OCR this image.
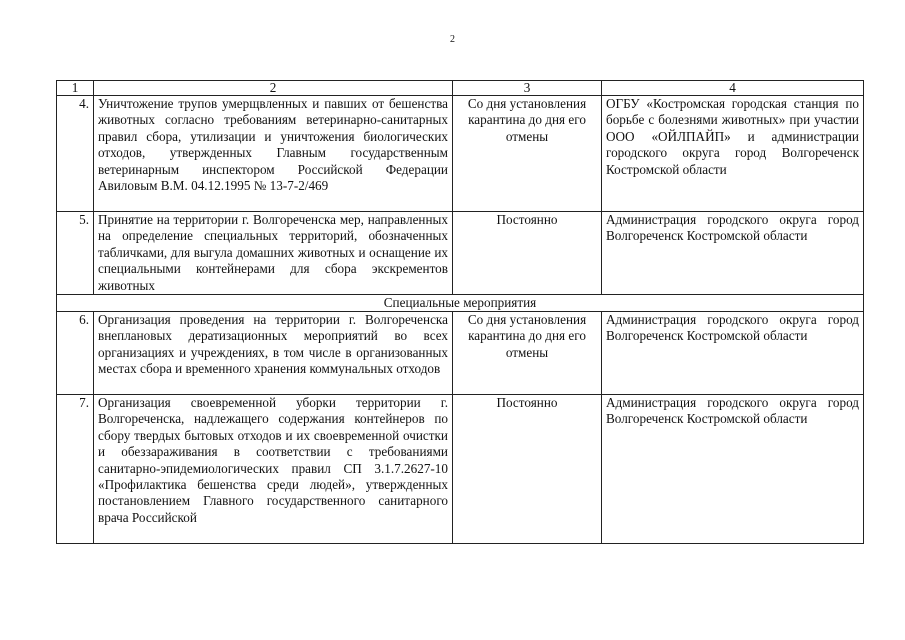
2
1	2	3	4
4.	Уничтожение трупов умерщвленных и павших от бешенства животных согласно требованиям ветеринарно-санитарных правил сбора, утилизации и уничтожения биологических отходов, утвержденных Главным государственным ветеринарным инспектором Российской Федерации Авиловым В.М. 04.12.1995 № 13-7-2/469	Со дня установления карантина до дня его отмены	ОГБУ «Костромская городская станция по борьбе с болезнями животных» при участии ООО «ОЙЛПАЙП» и администрации городского округа город Волгореченск Костромской области
5.	Принятие на территории г. Волгореченска мер, направленных на определение специальных территорий, обозначенных табличками, для выгула домашних животных и оснащение их специальными контейнерами для сбора экскрементов животных	Постоянно	Администрация городского округа город Волгореченск Костромской области
Специальные мероприятия			
6.	Организация проведения на территории г. Волгореченска внеплановых дератизационных мероприятий во всех организациях и учреждениях, в том числе в организованных местах сбора и временного хранения коммунальных отходов	Со дня установления карантина до дня его отмены	Администрация городского округа город Волгореченск Костромской области
7.	Организация своевременной уборки территории г. Волгореченска, надлежащего содержания контейнеров по сбору твердых бытовых отходов и их своевременной очистки и обеззараживания в соответствии с требованиями санитарно-эпидемиологических правил СП 3.1.7.2627-10 «Профилактика бешенства среди людей», утвержденных постановлением Главного государственного санитарного врача Российской	Постоянно	Администрация городского округа город Волгореченск Костромской области
